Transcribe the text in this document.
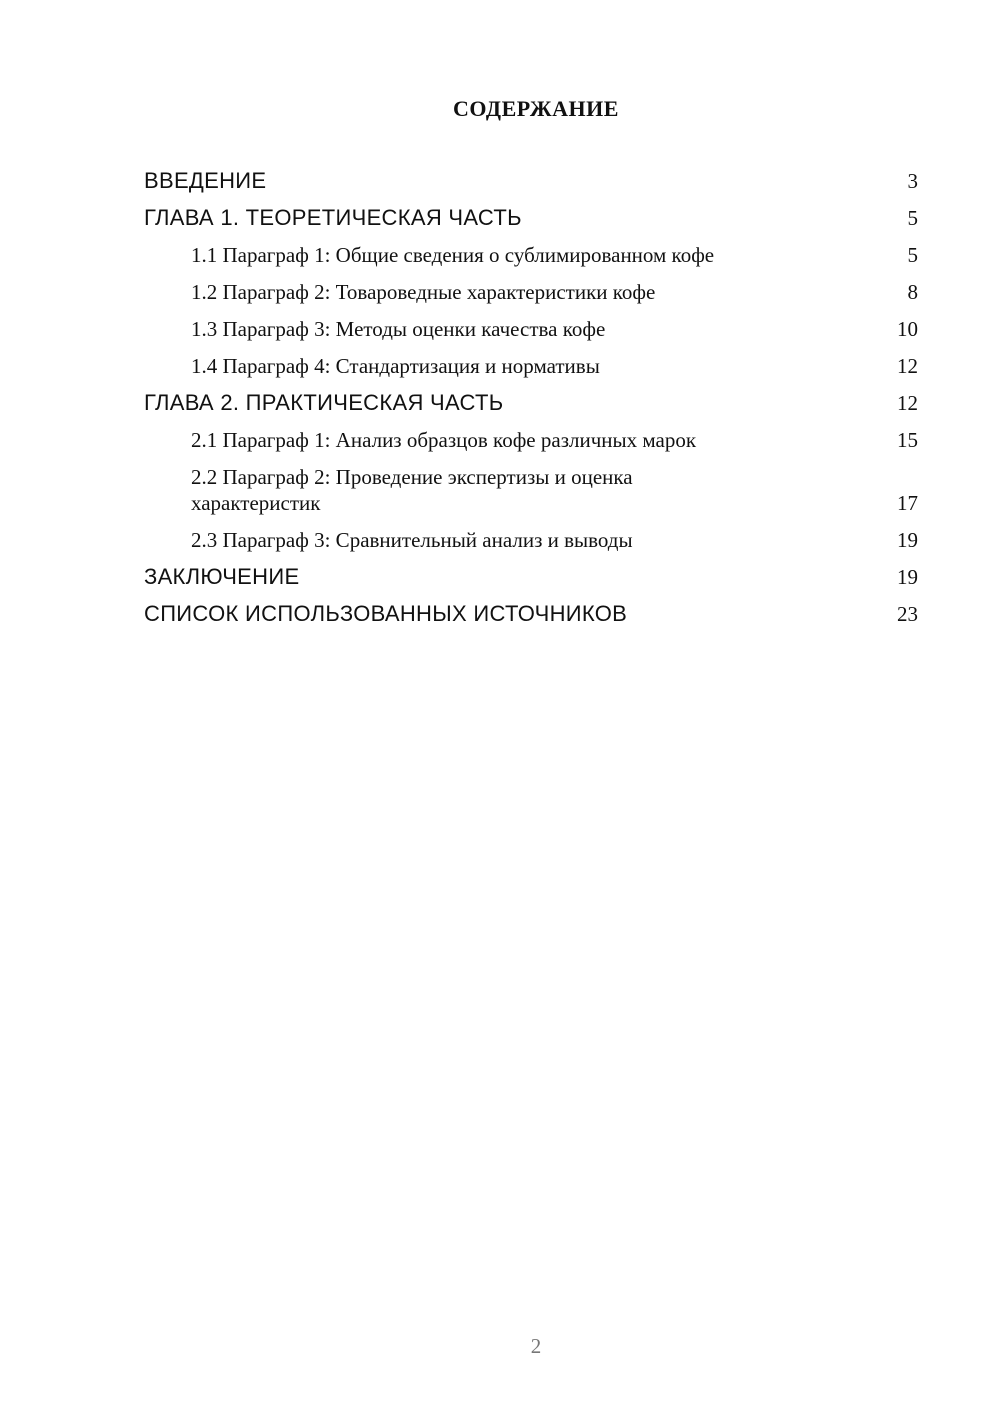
СОДЕРЖАНИЕ
ВВЕДЕНИЕ	3
ГЛАВА 1. ТЕОРЕТИЧЕСКАЯ ЧАСТЬ	5
1.1 Параграф 1: Общие сведения о сублимированном кофе	5
1.2 Параграф 2: Товароведные характеристики кофе	8
1.3 Параграф 3: Методы оценки качества кофе	10
1.4 Параграф 4: Стандартизация и нормативы	12
ГЛАВА 2. ПРАКТИЧЕСКАЯ ЧАСТЬ	12
2.1 Параграф 1: Анализ образцов кофе различных марок	15
2.2 Параграф 2: Проведение экспертизы и оценка характеристик	17
2.3 Параграф 3: Сравнительный анализ и выводы	19
ЗАКЛЮЧЕНИЕ	19
СПИСОК ИСПОЛЬЗОВАННЫХ ИСТОЧНИКОВ	23
2
